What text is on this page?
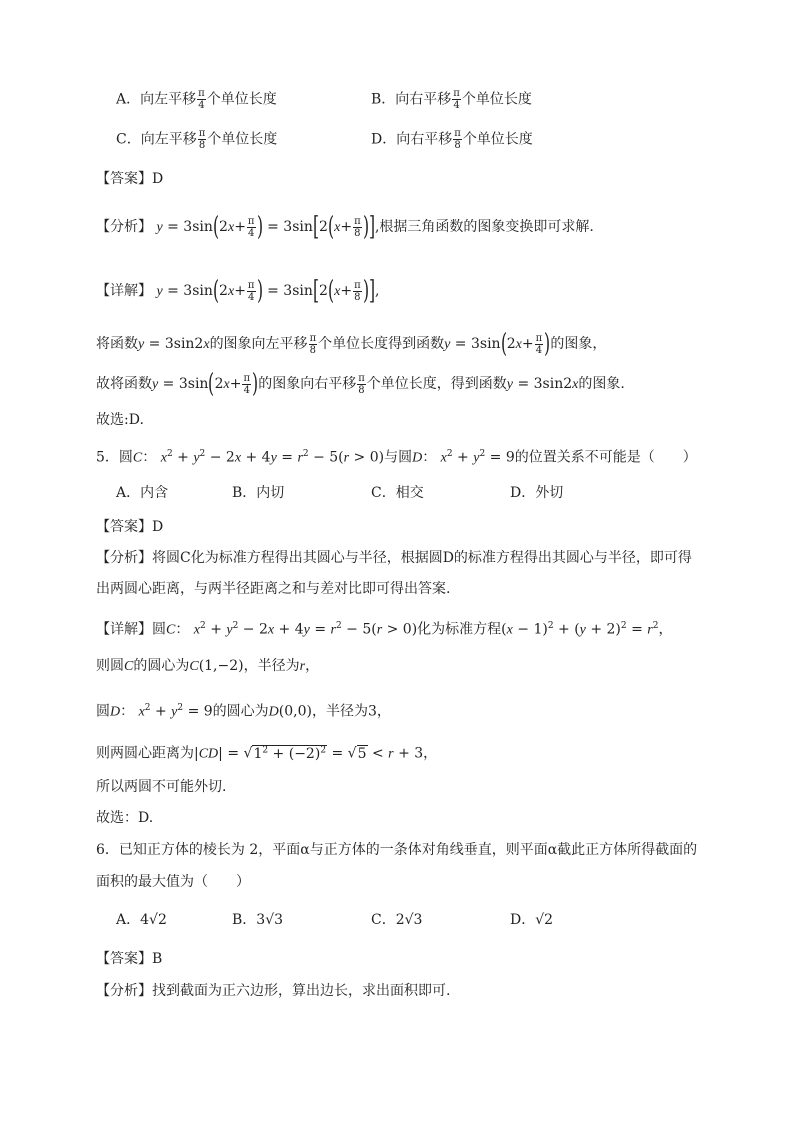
A．向左平移 $\frac{\pi}{4}$ 个单位长度	B．向右平移 $\frac{\pi}{4}$ 个单位长度
C．向左平移 $\frac{\pi}{8}$ 个单位长度	D．向右平移 $\frac{\pi}{8}$ 个单位长度
【答案】D
【分析】 $y = 3\sin(2x+ \frac{\pi}{4}$ ) = $3\sin[2(x+ \frac{\pi}{8}$ )],根据三角函数的图象变换即可求解.
【详解】 $y = 3\sin(2x+ \frac{\pi}{4}$ ) = $3\sin[2(x+ \frac{\pi}{8}$ )],
将函数y = 3sin2x的图象向左平移 $\frac{\pi}{8}$ 个单位长度得到函数$y = 3\sin(2x+ \frac{\pi}{4}$ )的图象，
故将函数$y = 3\sin(2x+ \frac{\pi}{4}$ )的图象向右平移 $\frac{\pi}{8}$ 个单位长度，得到函数y = 3sin2x的图象.
故选:D.
5．圆C： $x^2 + y^2 - 2x + 4y = r^2 - 5(r > 0)$与圆D： $x^2 + y^2 = 9$的位置关系不可能是（　　）
A．内含	B．内切	C．相交	D．外切
【答案】D
【分析】将圆C化为标准方程得出其圆心与半径，根据圆D的标准方程得出其圆心与半径，即可得
出两圆心距离，与两半径距离之和与差对比即可得出答案.
【详解】圆C： $x^2 + y^2 - 2x + 4y = r^2 - 5(r > 0)$化为标准方程$(x - 1)^2 + (y + 2)^2 = r^2$，
则圆C的圆心为C(1,−2)，半径为r，
圆D： $x^2 + y^2 = 9$的圆心为D(0,0)，半径为3，
则两圆心距离为$|CD| = √1^2 + (-2)^2 = √5 < r + 3$，
所以两圆不可能外切.
故选：D.
6．已知正方体的棱长为 2，平面α与正方体的一条体对角线垂直，则平面α截此正方体所得截面的
面积的最大值为（　　）
A．4√2	B．3√3	C．2√3	D．√2
【答案】B
【分析】找到截面为正六边形，算出边长，求出面积即可.
